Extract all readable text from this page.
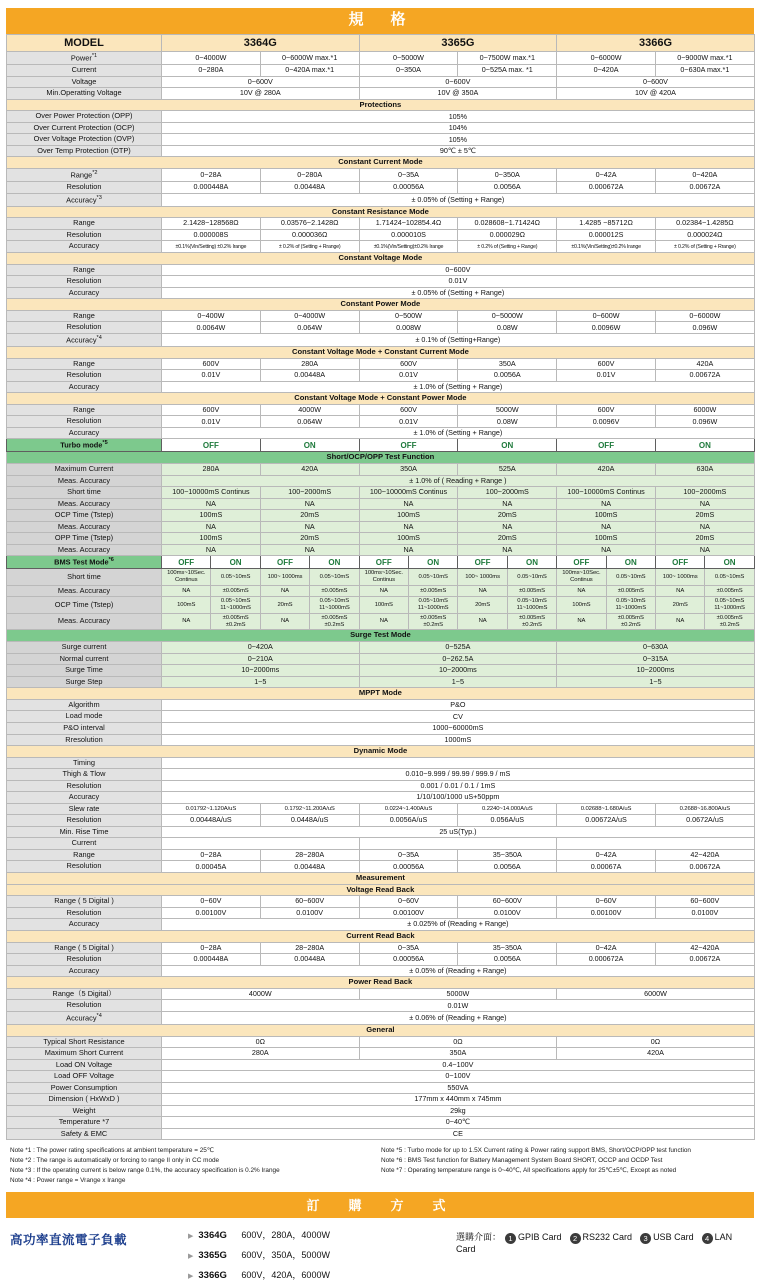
規　格
MODEL	3364G				3365G				3366G			
Power$^{*1}$	0~4000W		0~6000W max.*1		0~5000W		0~7500W max.*1		0~6000W		0~9000W max.*1	
Current	0~280A		0~420A max.*1		0~350A		0~525A max. *1		0~420A		0~630A max.*1	
Voltage	0~600V				0~600V				0~600V			
Min.Operatting Voltage	10V @ 280A				10V @ 350A				10V @ 420A			
Protections												
Over Power Protection (OPP)	105%											
Over Current Protection (OCP)	104%											
Over Voltage Protection (OVP)	105%											
Over Temp Protection (OTP)	90℃ ± 5℃											
Constant Current Mode												
Range$^{*2}$	0~28A		0~280A		0~35A		0~350A		0~42A		0~420A	
Resolution	0.000448A		0.00448A		0.00056A		0.0056A		0.000672A		0.00672A	
Accuracy$^{*3}$	± 0.05% of (Setting + Range)											
Constant Resistance Mode												
Range	2.1428~128568Ω		0.03576~2.1428Ω		1.71424~102854.4Ω		0.028608~1.71424Ω		1.4285 ~85712Ω		0.02384~1.4285Ω	
Resolution	0.000008S		0.000036Ω		0.000010S		0.000029Ω		0.000012S		0.000024Ω	
Accuracy	±0.1%(Vin/Setting) ±0.2% Irange		± 0.2% of (Setting + Rrange)		±0.1%(Vin/Setting)±0.2% Irange		± 0.2% of (Setting + Range)		±0.1%(Vin/Setting)±0.2% Irange		± 0.2% of (Setting + Rrange)	
Constant Voltage Mode												
Range	0~600V											
Resolution	0.01V											
Accuracy	± 0.05% of (Setting + Range)											
Constant Power Mode												
Range	0~400W		0~4000W		0~500W		0~5000W		0~600W		0~6000W	
Resolution	0.0064W		0.064W		0.008W		0.08W		0.0096W		0.096W	
Accuracy$^{*4}$	± 0.1% of (Setting+Range)											
Constant Voltage Mode + Constant Current Mode												
Range	600V		280A		600V		350A		600V		420A	
Resolution	0.01V		0.00448A		0.01V		0.0056A		0.01V		0.00672A	
Accuracy	± 1.0% of (Setting + Range)											
Constant Voltage Mode + Constant Power Mode												
Range	600V		4000W		600V		5000W		600V		6000W	
Resolution	0.01V		0.064W		0.01V		0.08W		0.0096V		0.096W	
Accuracy	± 1.0% of (Setting + Range)											
Turbo mode$^{*5}$	OFF		ON		OFF		ON		OFF		ON	
Short/OCP/OPP Test Function												
Maximum Current	280A		420A		350A		525A		420A		630A	
Meas. Accuracy	± 1.0% of ( Reading + Range )											
Short time	100~10000mS Continus		100~2000mS		100~10000mS Continus		100~2000mS		100~10000mS Continus		100~2000mS	
Meas. Accuracy	NA		NA		NA		NA		NA		NA	
OCP Time (Tstep)	100mS		20mS		100mS		20mS		100mS		20mS	
Meas. Accuracy	NA		NA		NA		NA		NA		NA	
OPP Time (Tstep)	100mS		20mS		100mS		20mS		100mS		20mS	
Meas. Accuracy	NA		NA		NA		NA		NA		NA	
BMS Test Mode$^{*6}$	OFF	ON	OFF	ON	OFF	ON	OFF	ON	OFF	ON	OFF	ON
Short time	100ms~10Sec. Continus	0.05~10mS	100~ 1000ms	0.05~10mS	100ms~10Sec. Continus	0.05~10mS	100~ 1000ms	0.05~10mS	100ms~10Sec. Continus	0.05~10mS	100~ 1000ms	0.05~10mS
Meas. Accuracy	NA	±0.005mS	NA	±0.005mS	NA	±0.005mS	NA	±0.005mS	NA	±0.005mS	NA	±0.005mS
OCP Time (Tstep)	100mS	0.05~10mS 11~1000mS	20mS	0.05~10mS 11~1000mS	100mS	0.05~10mS 11~1000mS	20mS	0.05~10mS 11~1000mS	100mS	0.05~10mS 11~1000mS	20mS	0.05~10mS 11~1000mS
Meas. Accuracy	NA	±0.005mS ±0.2mS	NA	±0.005mS ±0.2mS	NA	±0.005mS ±0.2mS	NA	±0.005mS ±0.2mS	NA	±0.005mS ±0.2mS	NA	±0.005mS ±0.2mS
Surge Test Mode												
Surge current	0~420A				0~525A				0~630A			
Normal current	0~210A				0~262.5A				0~315A			
Surge Time	10~2000ms				10~2000ms				10~2000ms			
Surge Step	1~5				1~5				1~5			
MPPT Mode												
Algorithm	P&O											
Load mode	CV											
P&O interval	1000~60000mS											
Rresolution	1000mS											
Dynamic Mode												
Timing												
Thigh & Tlow	0.010~9.999 / 99.99 / 999.9 / mS											
Resolution	0.001 / 0.01 / 0.1 / 1mS											
Accuracy	1/10/100/1000 uS+50ppm											
Slew rate	0.01792~1.120A/uS		0.1792~11.200A/uS		0.0224~1.400A/uS		0.2240~14.000A/uS		0.02688~1.680A/uS		0.2688~16.800A/uS	
Resolution	0.00448A/uS		0.0448A/uS		0.0056A/uS		0.056A/uS		0.00672A/uS		0.0672A/uS	
Min. Rise Time	25 uS(Typ.)											
Current												
Range	0~28A		28~280A		0~35A		35~350A		0~42A		42~420A	
Resolution	0.00045A		0.00448A		0.00056A		0.0056A		0.00067A		0.00672A	
Measurement												
Voltage Read Back												
Range ( 5 Digital )	0~60V		60~600V		0~60V		60~600V		0~60V		60~600V	
Resolution	0.00100V		0.0100V		0.00100V		0.0100V		0.00100V		0.0100V	
Accuracy	± 0.025% of (Reading + Range)											
Current Read Back												
Range ( 5 Digital )	0~28A		28~280A		0~35A		35~350A		0~42A		42~420A	
Resolution	0.000448A		0.00448A		0.00056A		0.0056A		0.000672A		0.00672A	
Accuracy	± 0.05% of (Reading + Range)											
Power Read Back												
Range（5 Digital）	4000W				5000W				6000W			
Resolution	0.01W											
Accuracy$^{*4}$	± 0.06% of (Reading + Range)											
General												
Typical Short Resistance	0Ω				0Ω				0Ω			
Maximum Short Current	280A				350A				420A			
Load ON Voltage	0.4~100V											
Load OFF Voltage	0~100V											
Power Consumption	550VA											
Dimension ( HxWxD )	177mm x 440mm x 745mm											
Weight	29kg											
Temperature *7	0~40℃											
Safety & EMC	CE											
Note *1 : The power rating specifications at ambient temperature = 25℃
Note *2 : The range is automatically or forcing to range II only in CC mode
Note *3 : If the operating current is below range 0.1%, the accuracy specification is 0.2% Irange
Note *4 : Power range = Vrange x Irange
Note *5 : Turbo mode for up to 1.5X Current rating & Power rating support BMS, Short/OCP/OPP test function
Note *6 : BMS Test function for Battery Management System Board SHORT, OCCP and OCDP Test
Note *7 : Operating temperature range is 0~40℃, All specifications apply for 25℃±5℃, Except as noted
訂　購　方　式
高功率直流電子負載	▶ 3364G	600V，280A，4000W
▶ 3365G	600V，350A，5000W
▶ 3366G	600V，420A，6000W
選購介面： 1 GPIB Card 2 RS232 Card 3 USB Card 4 LAN Card
